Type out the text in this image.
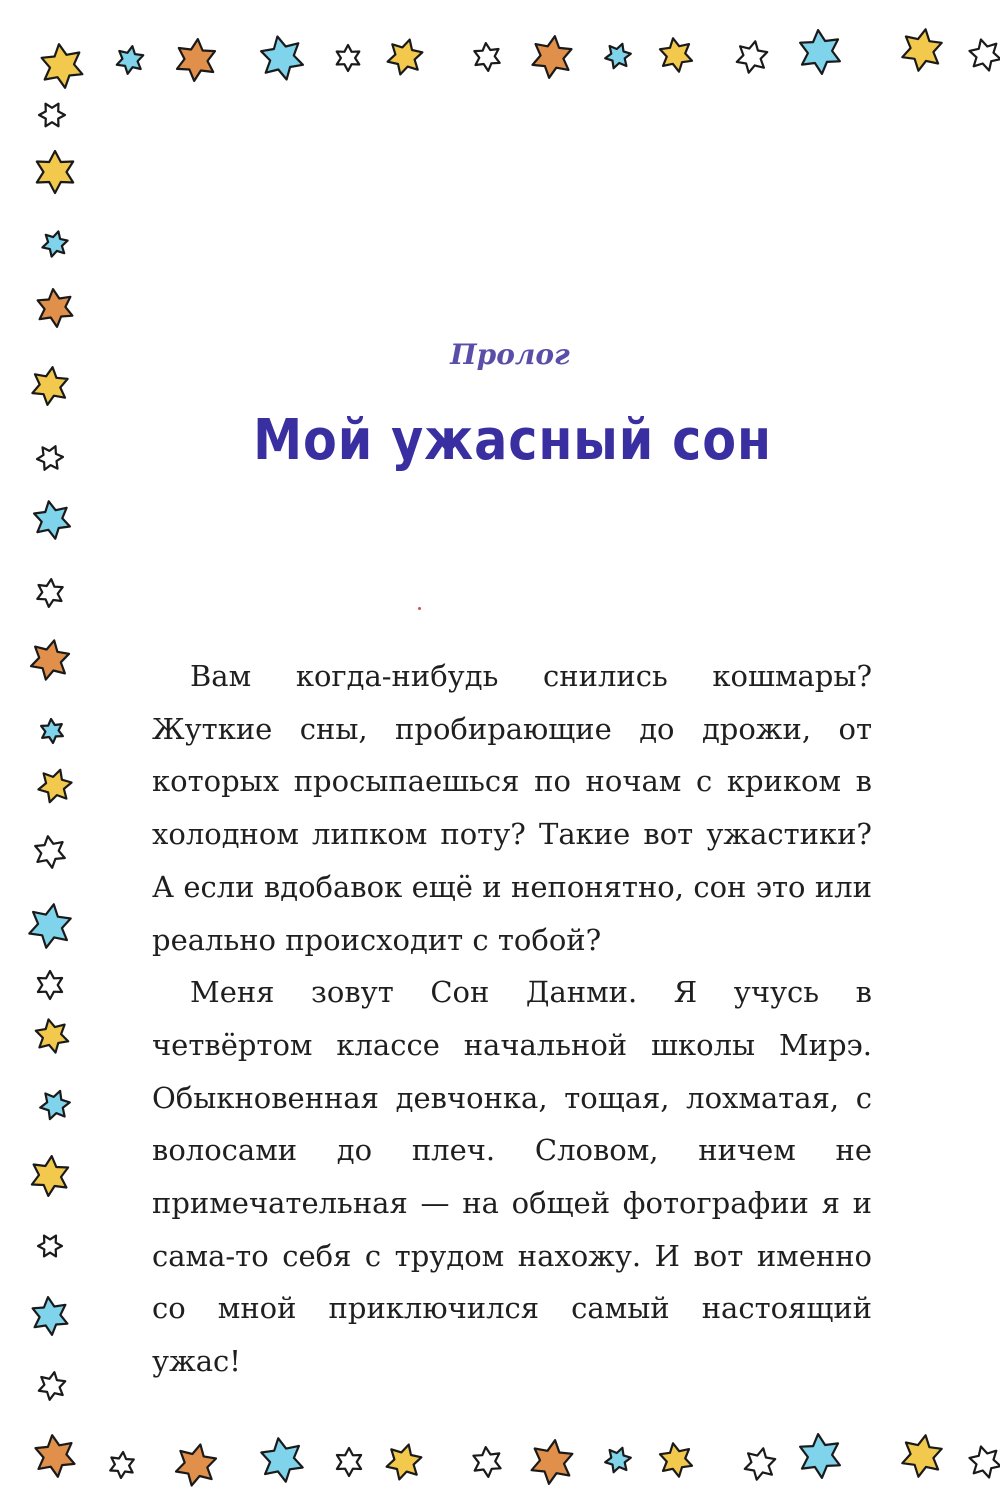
Пролог
Мой ужасный сон

Вам когда-нибудь снились кошмары? Жуткие сны, пробирающие до дрожи, от которых просыпаешься по ночам с криком в холодном липком поту? Такие вот ужастики? А если вдобавок ещё и непонятно, сон это или реально происходит с тобой?

Меня зовут Сон Данми. Я учусь в четвёртом классе начальной школы Мирэ. Обыкновенная девчонка, тощая, лохматая, с волосами до плеч. Словом, ничем не примечательная — на общей фотографии я и сама-то себя с трудом нахожу. И вот именно со мной приключился самый настоящий ужас!
